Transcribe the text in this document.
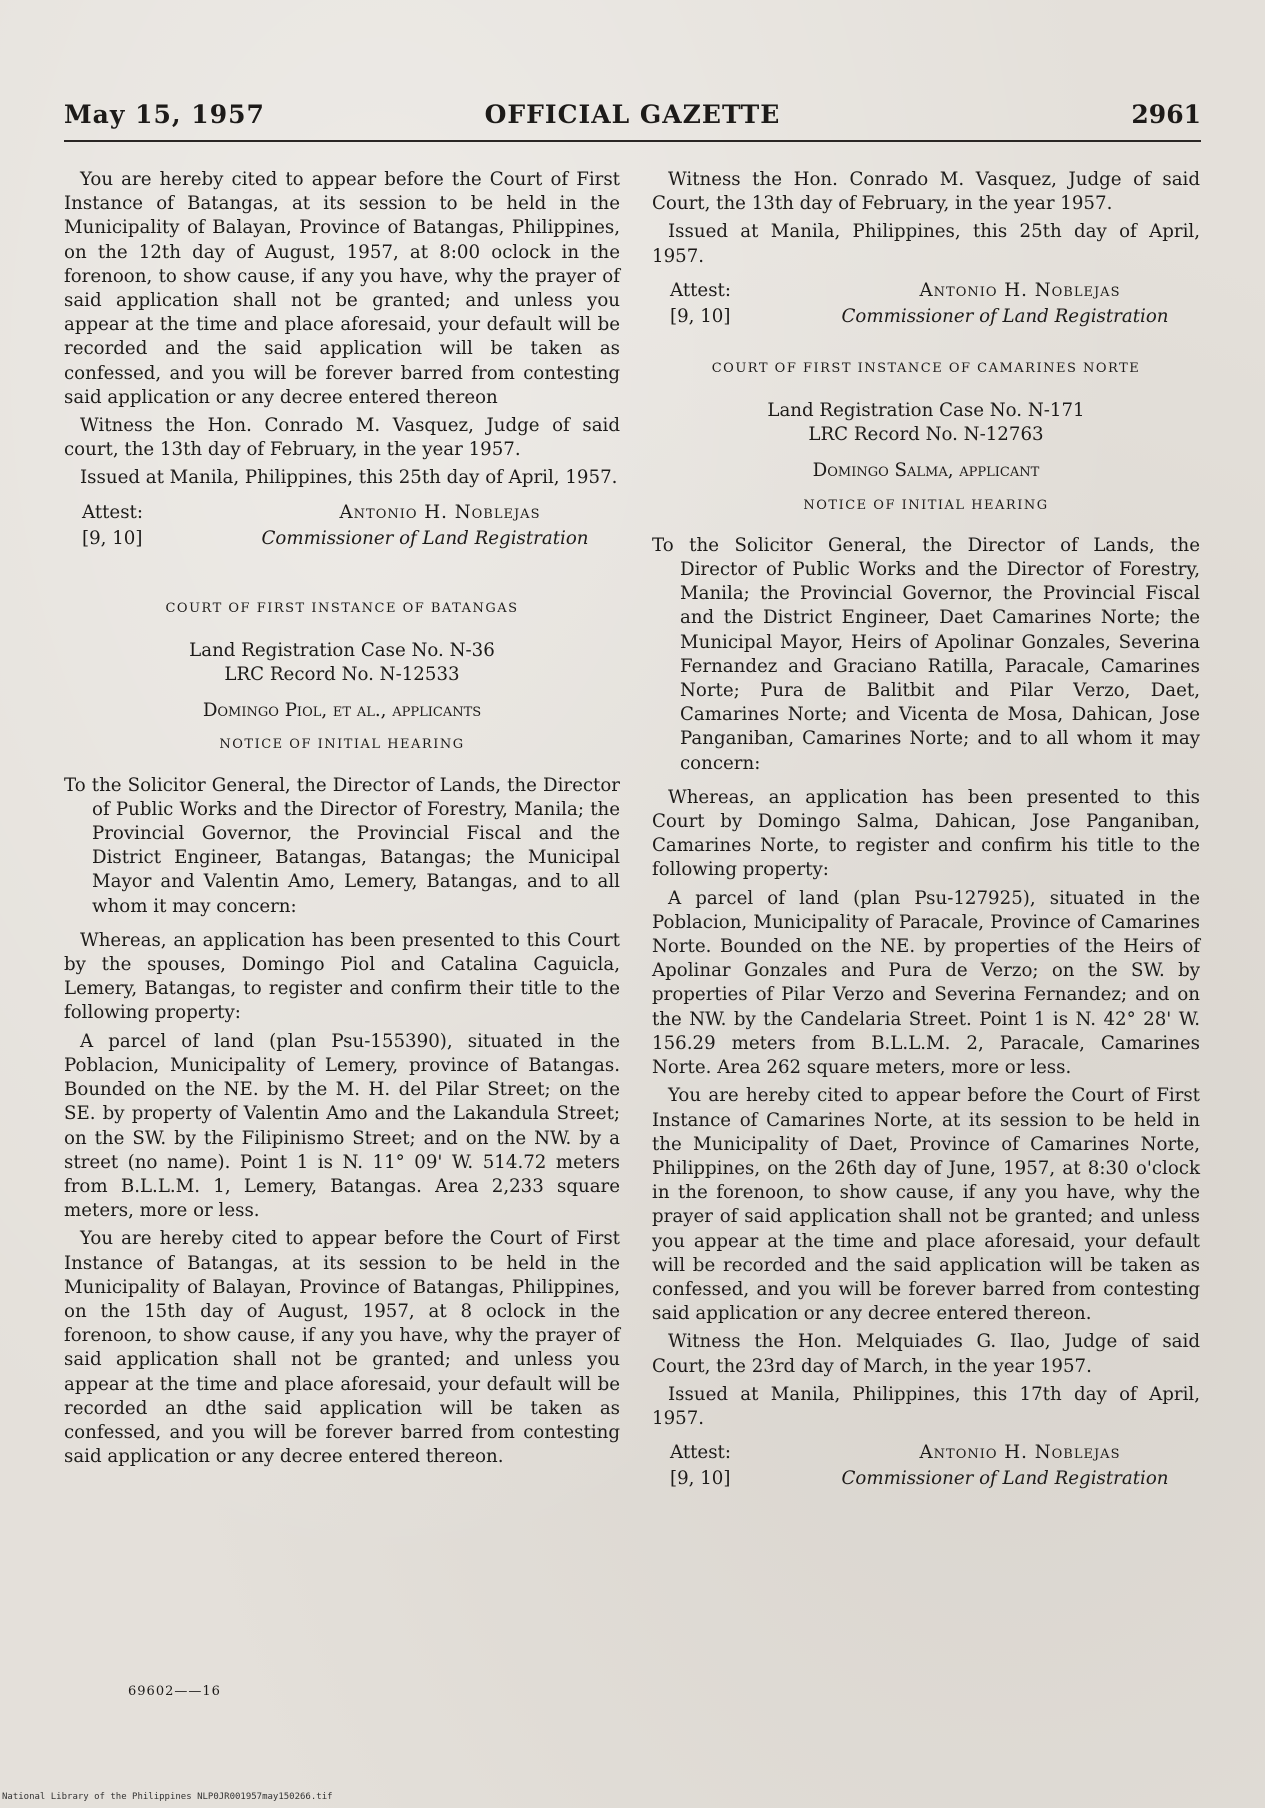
May 15, 1957	OFFICIAL GAZETTE	2961

You are hereby cited to appear before the Court of First Instance of Batangas, at its session to be held in the Municipality of Balayan, Province of Batangas, Philippines, on the 12th day of August, 1957, at 8:00 oclock in the forenoon, to show cause, if any you have, why the prayer of said application shall not be granted; and unless you appear at the time and place aforesaid, your default will be recorded and the said application will be taken as confessed, and you will be forever barred from contesting said application or any decree entered thereon

Witness the Hon. Conrado M. Vasquez, Judge of said court, the 13th day of February, in the year 1957.

Issued at Manila, Philippines, this 25th day of April, 1957.

Attest:
[9, 10]
Antonio H. Noblejas
Commissioner of Land Registration
COURT OF FIRST INSTANCE OF BATANGAS
Land Registration Case No. N-36
LRC Record No. N-12533
Domingo Piol, et al., applicants
NOTICE OF INITIAL HEARING
To the Solicitor General, the Director of Lands, the Director of Public Works and the Director of Forestry, Manila; the Provincial Governor, the Provincial Fiscal and the District Engineer, Batangas, Batangas; the Municipal Mayor and Valentin Amo, Lemery, Batangas, and to all whom it may concern:

Whereas, an application has been presented to this Court by the spouses, Domingo Piol and Catalina Caguicla, Lemery, Batangas, to register and confirm their title to the following property:

A parcel of land (plan Psu-155390), situated in the Poblacion, Municipality of Lemery, province of Batangas. Bounded on the NE. by the M. H. del Pilar Street; on the SE. by property of Valentin Amo and the Lakandula Street; on the SW. by the Filipinismo Street; and on the NW. by a street (no name). Point 1 is N. 11° 09' W. 514.72 meters from B.L.L.M. 1, Lemery, Batangas. Area 2,233 square meters, more or less.

You are hereby cited to appear before the Court of First Instance of Batangas, at its session to be held in the Municipality of Balayan, Province of Batangas, Philippines, on the 15th day of August, 1957, at 8 oclock in the forenoon, to show cause, if any you have, why the prayer of said application shall not be granted; and unless you appear at the time and place aforesaid, your default will be recorded an dthe said application will be taken as confessed, and you will be forever barred from contesting said application or any decree entered thereon.

69602——16

Witness the Hon. Conrado M. Vasquez, Judge of said Court, the 13th day of February, in the year 1957.

Issued at Manila, Philippines, this 25th day of April, 1957.

Attest:
[9, 10]
Antonio H. Noblejas
Commissioner of Land Registration
COURT OF FIRST INSTANCE OF CAMARINES NORTE
Land Registration Case No. N-171
LRC Record No. N-12763
Domingo Salma, applicant
NOTICE OF INITIAL HEARING
To the Solicitor General, the Director of Lands, the Director of Public Works and the Director of Forestry, Manila; the Provincial Governor, the Provincial Fiscal and the District Engineer, Daet Camarines Norte; the Municipal Mayor, Heirs of Apolinar Gonzales, Severina Fernandez and Graciano Ratilla, Paracale, Camarines Norte; Pura de Balitbit and Pilar Verzo, Daet, Camarines Norte; and Vicenta de Mosa, Dahican, Jose Panganiban, Camarines Norte; and to all whom it may concern:

Whereas, an application has been presented to this Court by Domingo Salma, Dahican, Jose Panganiban, Camarines Norte, to register and confirm his title to the following property:

A parcel of land (plan Psu-127925), situated in the Poblacion, Municipality of Paracale, Province of Camarines Norte. Bounded on the NE. by properties of the Heirs of Apolinar Gonzales and Pura de Verzo; on the SW. by properties of Pilar Verzo and Severina Fernandez; and on the NW. by the Candelaria Street. Point 1 is N. 42° 28' W. 156.29 meters from B.L.L.M. 2, Paracale, Camarines Norte. Area 262 square meters, more or less.

You are hereby cited to appear before the Court of First Instance of Camarines Norte, at its session to be held in the Municipality of Daet, Province of Camarines Norte, Philippines, on the 26th day of June, 1957, at 8:30 o'clock in the forenoon, to show cause, if any you have, why the prayer of said application shall not be granted; and unless you appear at the time and place aforesaid, your default will be recorded and the said application will be taken as confessed, and you will be forever barred from contesting said application or any decree entered thereon.

Witness the Hon. Melquiades G. Ilao, Judge of said Court, the 23rd day of March, in the year 1957.

Issued at Manila, Philippines, this 17th day of April, 1957.

Attest:
[9, 10]
Antonio H. Noblejas
Commissioner of Land Registration
National Library of the Philippines NLP0JR001957may150266.tif
